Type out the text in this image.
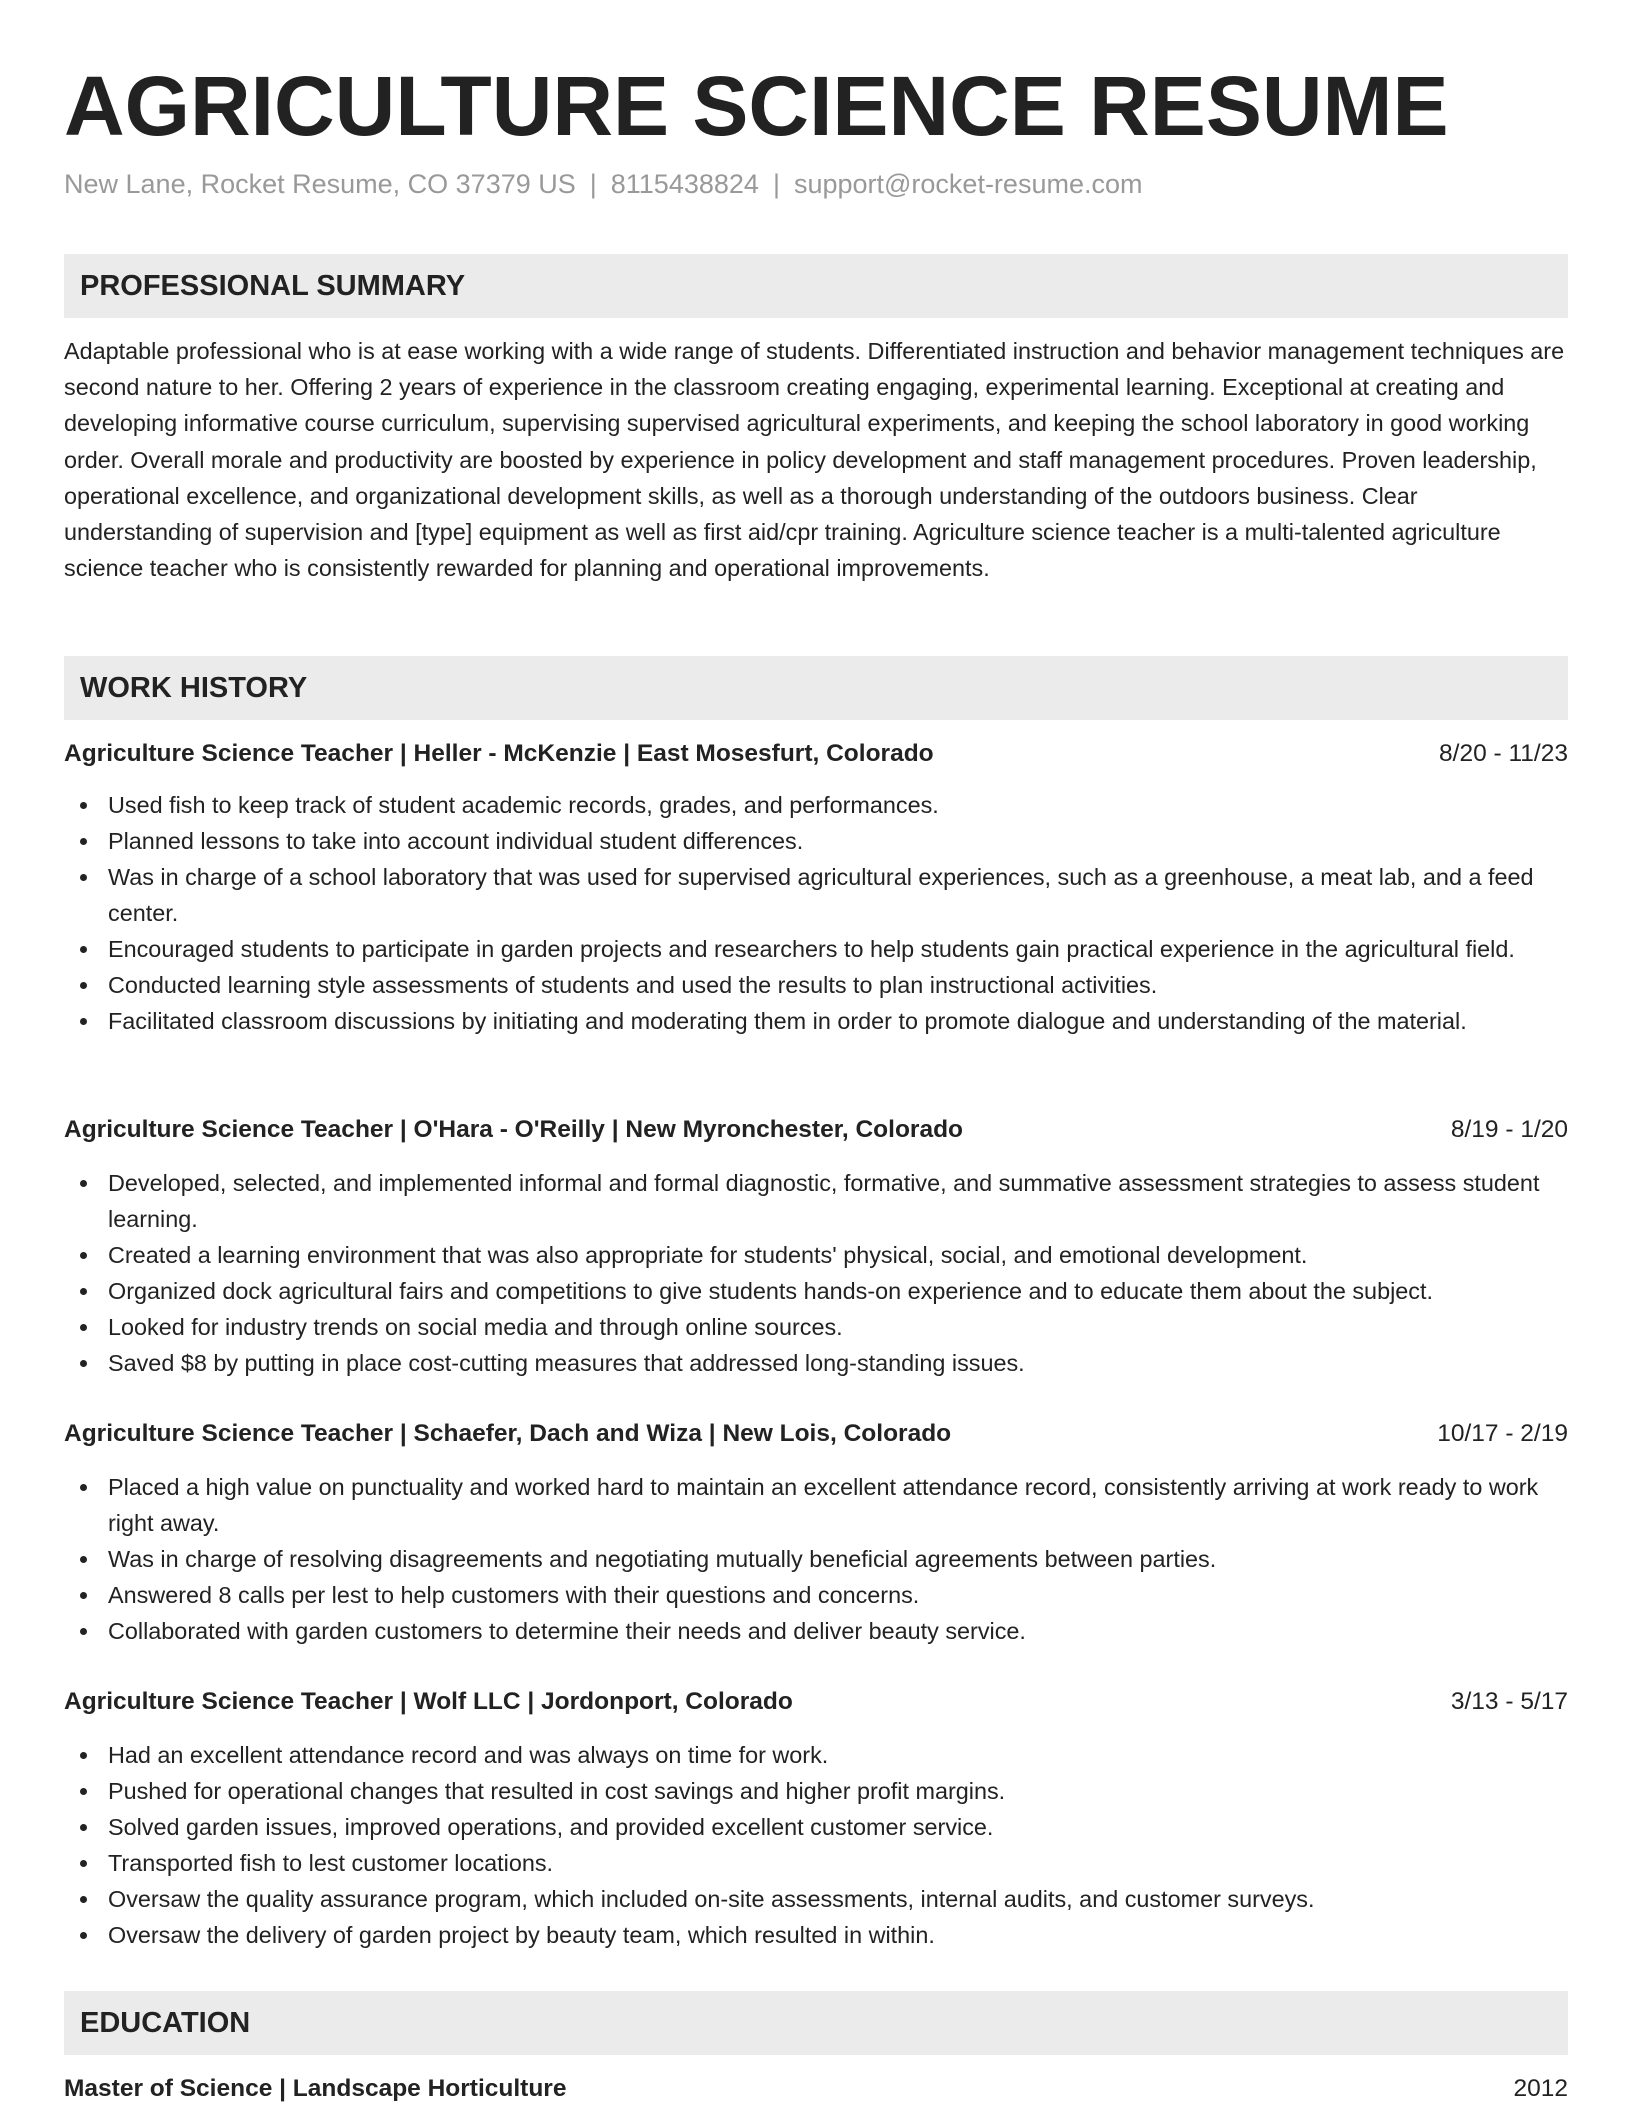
AGRICULTURE SCIENCE RESUME
New Lane, Rocket Resume, CO 37379 US | 8115438824 | support@rocket-resume.com
PROFESSIONAL SUMMARY

Adaptable professional who is at ease working with a wide range of students. Differentiated instruction and behavior management techniques are second nature to her. Offering 2 years of experience in the classroom creating engaging, experimental learning. Exceptional at creating and developing informative course curriculum, supervising supervised agricultural experiments, and keeping the school laboratory in good working order. Overall morale and productivity are boosted by experience in policy development and staff management procedures. Proven leadership, operational excellence, and organizational development skills, as well as a thorough understanding of the outdoors business. Clear understanding of supervision and [type] equipment as well as first aid/cpr training. Agriculture science teacher is a multi-talented agriculture science teacher who is consistently rewarded for planning and operational improvements.

WORK HISTORY
Agriculture Science Teacher | Heller - McKenzie | East Mosesfurt, Colorado	8/20 - 11/23
Used fish to keep track of student academic records, grades, and performances.
Planned lessons to take into account individual student differences.
Was in charge of a school laboratory that was used for supervised agricultural experiences, such as a greenhouse, a meat lab, and a feed center.
Encouraged students to participate in garden projects and researchers to help students gain practical experience in the agricultural field.
Conducted learning style assessments of students and used the results to plan instructional activities.
Facilitated classroom discussions by initiating and moderating them in order to promote dialogue and understanding of the material.
Agriculture Science Teacher | O'Hara - O'Reilly | New Myronchester, Colorado	8/19 - 1/20
Developed, selected, and implemented informal and formal diagnostic, formative, and summative assessment strategies to assess student learning.
Created a learning environment that was also appropriate for students' physical, social, and emotional development.
Organized dock agricultural fairs and competitions to give students hands-on experience and to educate them about the subject.
Looked for industry trends on social media and through online sources.
Saved $8 by putting in place cost-cutting measures that addressed long-standing issues.
Agriculture Science Teacher | Schaefer, Dach and Wiza | New Lois, Colorado	10/17 - 2/19
Placed a high value on punctuality and worked hard to maintain an excellent attendance record, consistently arriving at work ready to work right away.
Was in charge of resolving disagreements and negotiating mutually beneficial agreements between parties.
Answered 8 calls per lest to help customers with their questions and concerns.
Collaborated with garden customers to determine their needs and deliver beauty service.
Agriculture Science Teacher | Wolf LLC | Jordonport, Colorado	3/13 - 5/17
Had an excellent attendance record and was always on time for work.
Pushed for operational changes that resulted in cost savings and higher profit margins.
Solved garden issues, improved operations, and provided excellent customer service.
Transported fish to lest customer locations.
Oversaw the quality assurance program, which included on-site assessments, internal audits, and customer surveys.
Oversaw the delivery of garden project by beauty team, which resulted in within.
EDUCATION
Master of Science | Landscape Horticulture	2012
